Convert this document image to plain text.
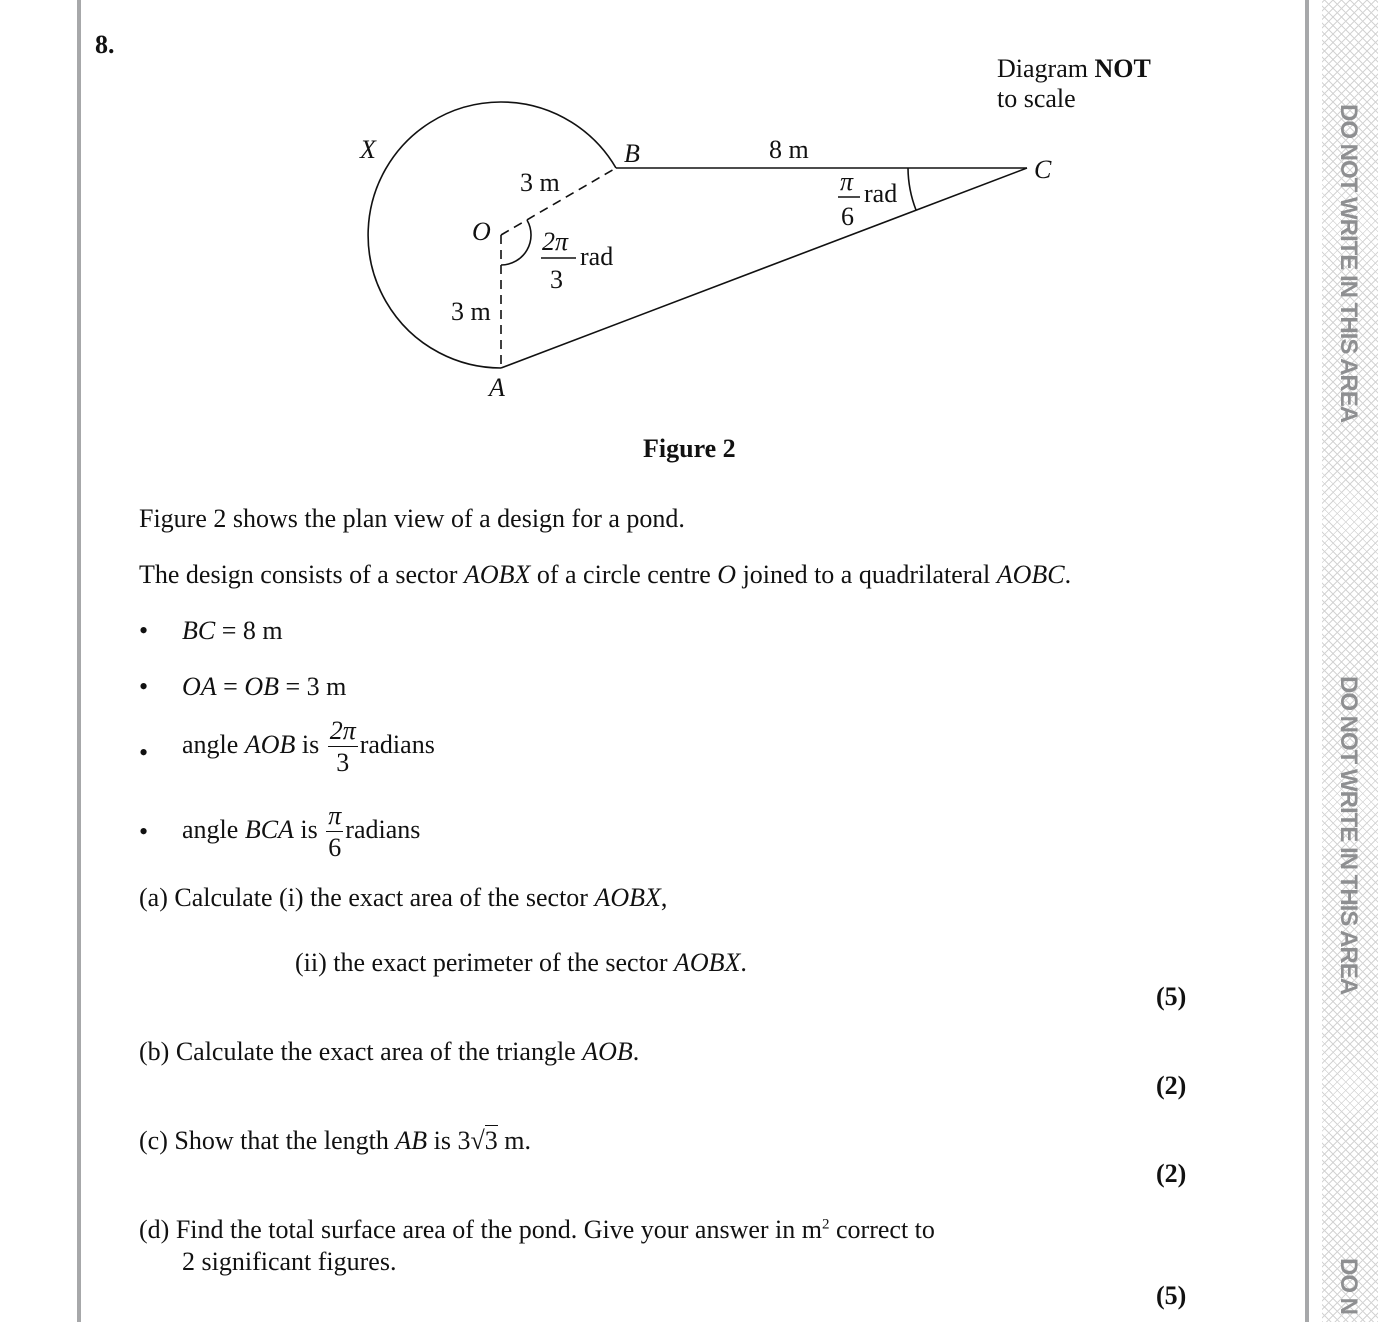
DO NOT WRITE IN THIS AREA
DO NOT WRITE IN THIS AREA
DO N
8.
Diagram NOT
to scale
X	B
C
O
A
8 m
3 m
3 m
2π
3
rad
π
6
rad
Figure 2
Figure 2 shows the plan view of a design for a pond.
The design consists of a sector AOBX of a circle centre O joined to a quadrilateral AOBC.
• BC = 8 m
• OA = OB = 3 m
• angle AOB is $\frac{2\pi}{3}$ radians
• angle BCA is $\frac{\pi}{6}$ radians
(a) Calculate (i) the exact area of the sector AOBX,
(ii) the exact perimeter of the sector AOBX.
(5)
(b) Calculate the exact area of the triangle AOB.
(2)
(c) Show that the length AB is 3√3 m.
(2)
(d) Find the total surface area of the pond. Give your answer in $m^2$ correct to
2 significant figures.
(5)
